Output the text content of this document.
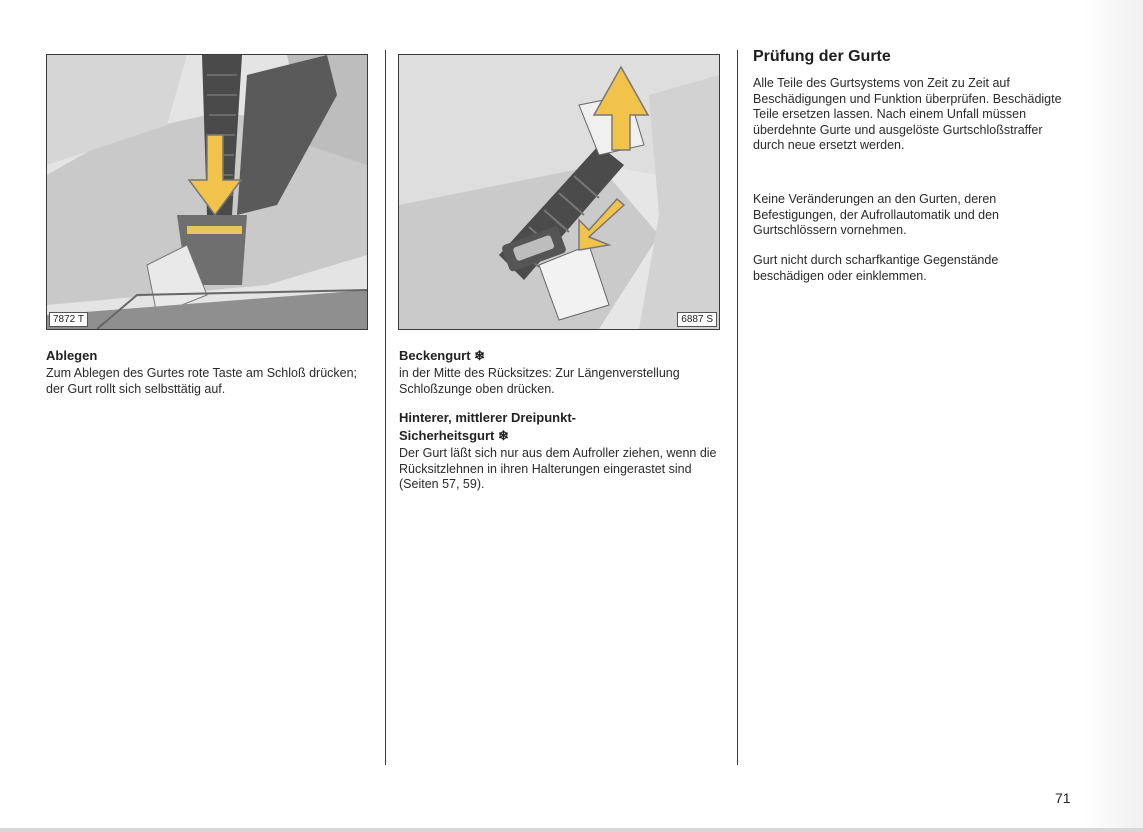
7872 T	6887 S

Ablegen

Zum Ablegen des Gurtes rote Taste am Schloß drücken; der Gurt rollt sich selbsttätig auf.

Beckengurt ❄

in der Mitte des Rücksitzes: Zur Längenverstellung Schloßzunge oben drücken.

Hinterer, mittlerer Dreipunkt-

Sicherheitsgurt ❄

Der Gurt läßt sich nur aus dem Aufroller ziehen, wenn die Rücksitzlehnen in ihren Halterungen eingerastet sind (Seiten 57, 59).

Prüfung der Gurte

Alle Teile des Gurtsystems von Zeit zu Zeit auf Beschädigungen und Funktion überprüfen. Beschädigte Teile ersetzen lassen. Nach einem Unfall müssen überdehnte Gurte und ausgelöste Gurtschloßstraffer durch neue ersetzt werden.

Keine Veränderungen an den Gurten, deren Befestigungen, der Aufrollautomatik und den Gurtschlössern vornehmen.

Gurt nicht durch scharfkantige Gegenstände beschädigen oder einklemmen.

71
